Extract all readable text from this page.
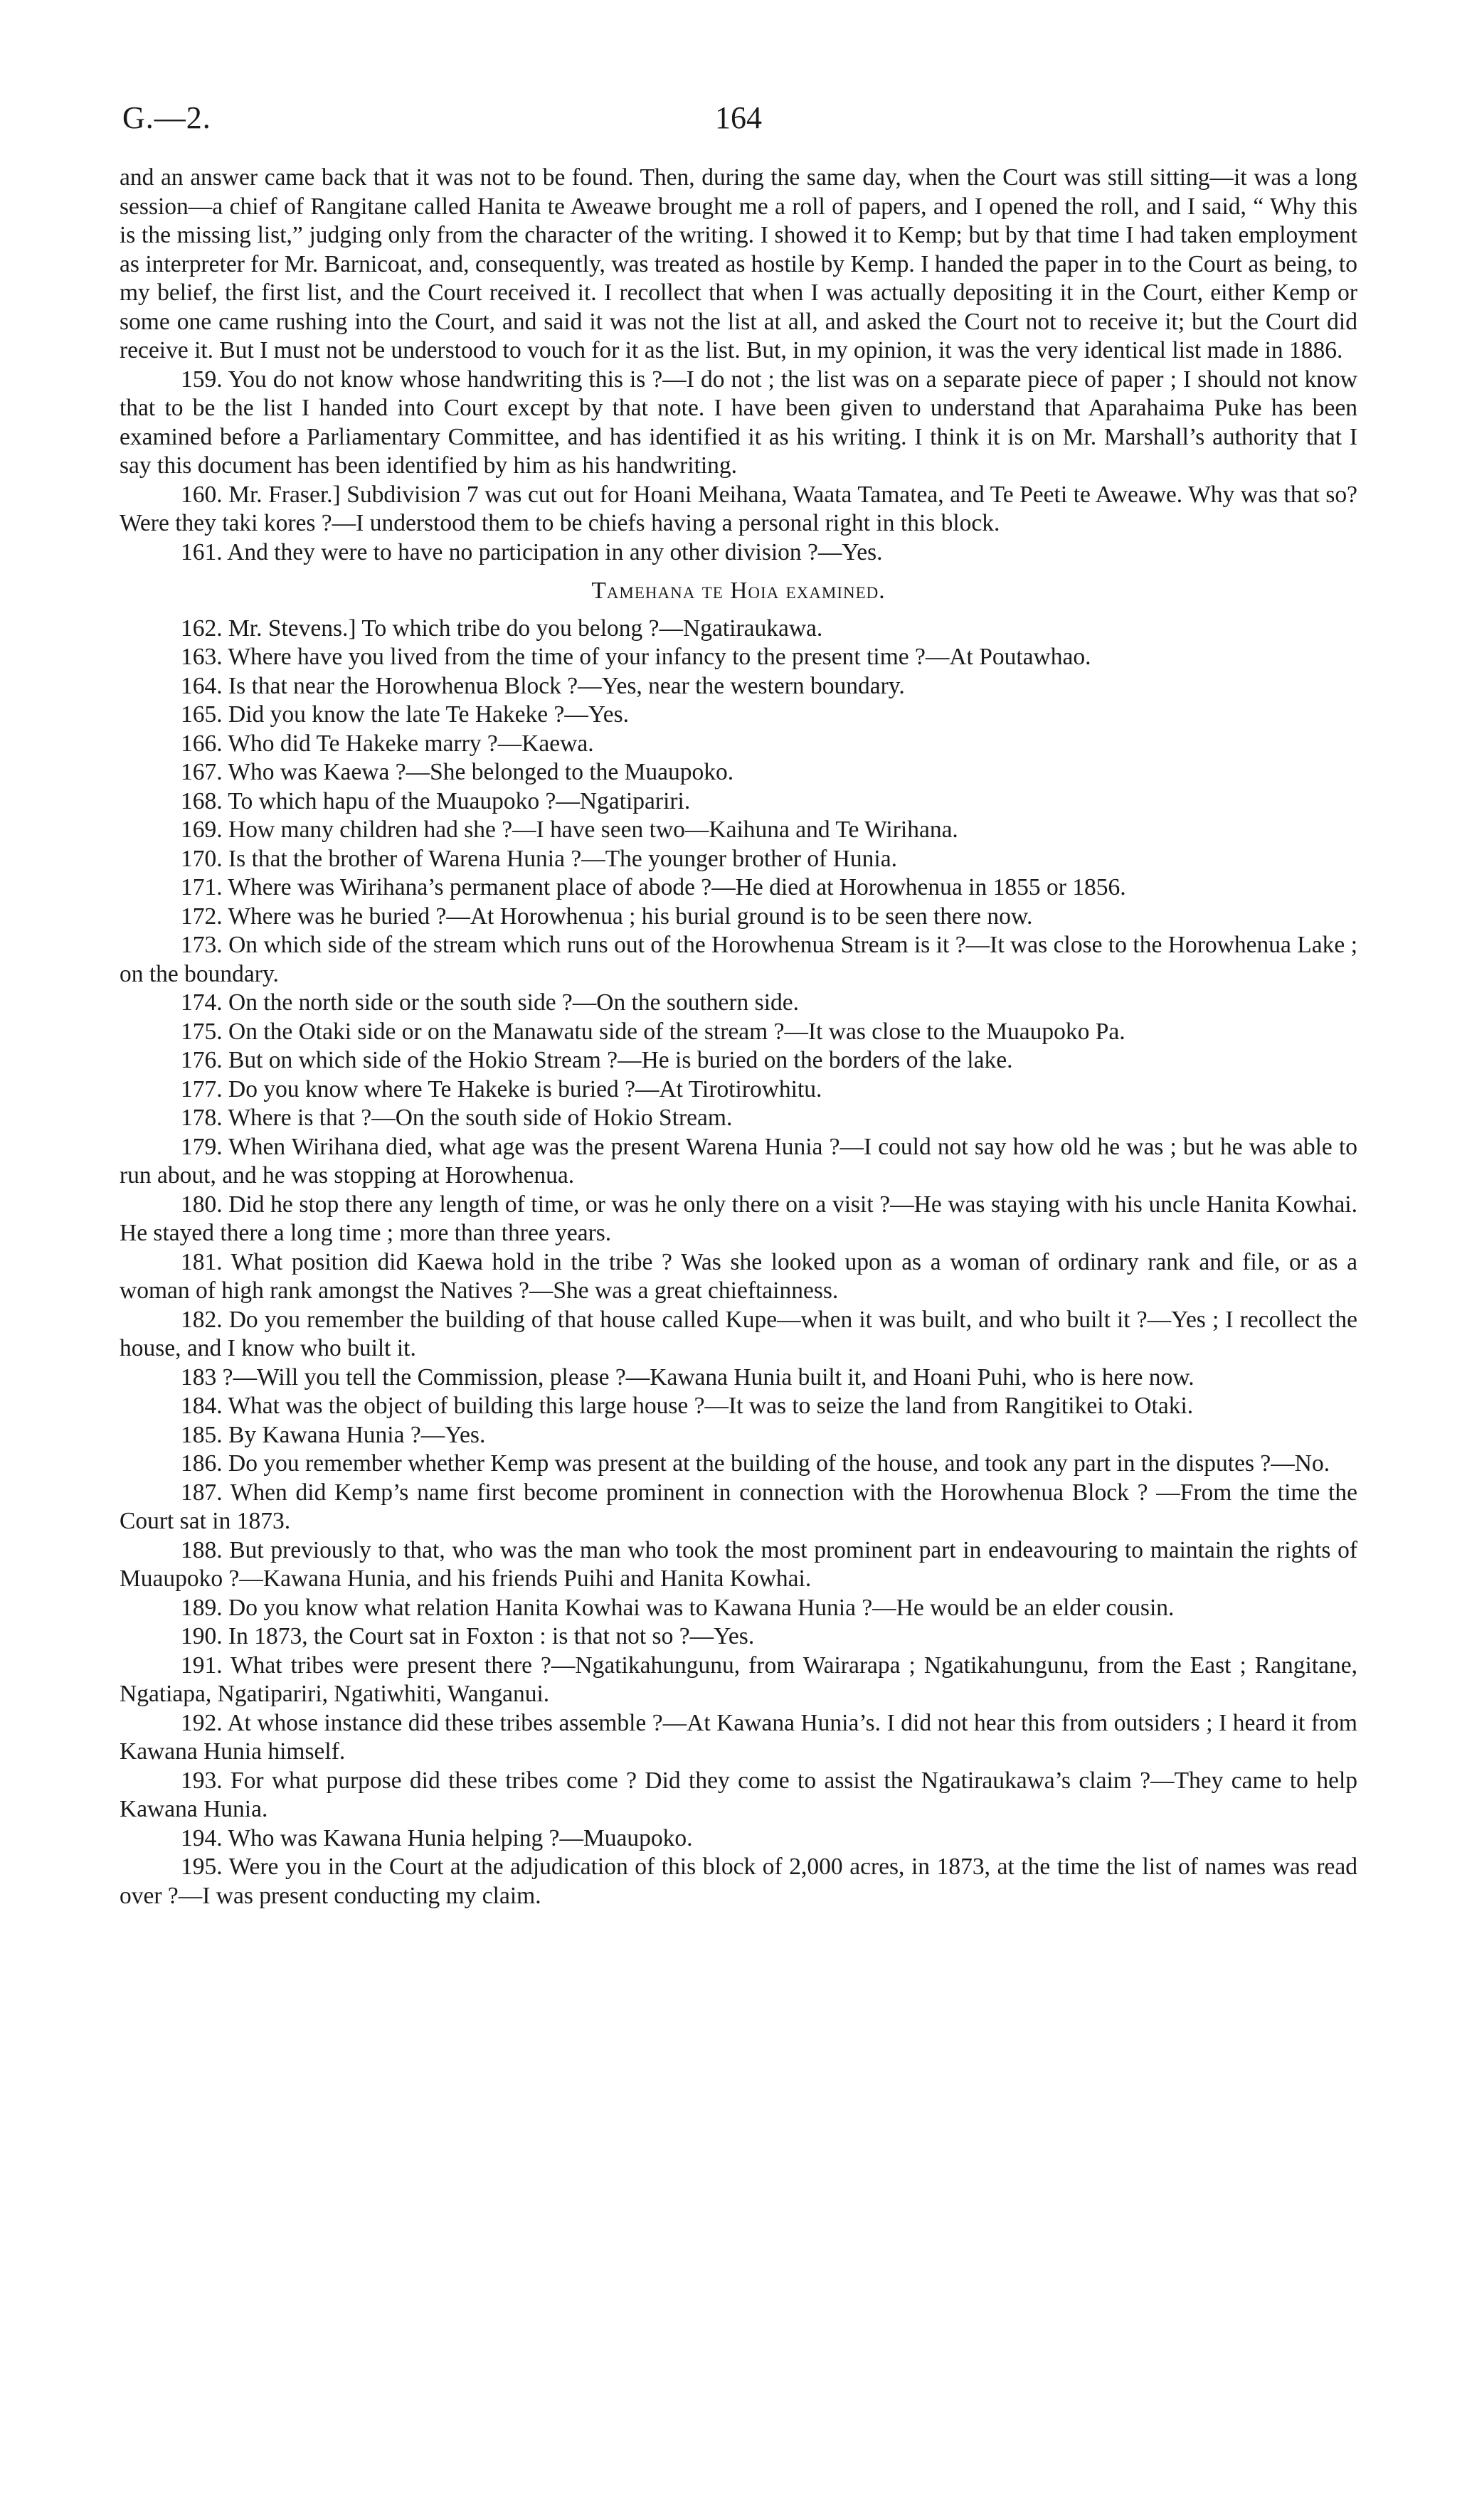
G.—2.	164

and an answer came back that it was not to be found. Then, during the same day, when the Court was still sitting—it was a long session—a chief of Rangitane called Hanita te Aweawe brought me a roll of papers, and I opened the roll, and I said, “ Why this is the missing list,” judging only from the character of the writing. I showed it to Kemp; but by that time I had taken employment as interpreter for Mr. Barnicoat, and, consequently, was treated as hostile by Kemp. I handed the paper in to the Court as being, to my belief, the first list, and the Court received it. I recollect that when I was actually depositing it in the Court, either Kemp or some one came rushing into the Court, and said it was not the list at all, and asked the Court not to receive it; but the Court did receive it. But I must not be understood to vouch for it as the list. But, in my opinion, it was the very identical list made in 1886.

159. You do not know whose handwriting this is ?—I do not ; the list was on a separate piece of paper ; I should not know that to be the list I handed into Court except by that note. I have been given to understand that Aparahaima Puke has been examined before a Parliamentary Committee, and has identified it as his writing. I think it is on Mr. Marshall’s authority that I say this document has been identified by him as his handwriting.

160. Mr. Fraser.] Subdivision 7 was cut out for Hoani Meihana, Waata Tamatea, and Te Peeti te Aweawe. Why was that so? Were they taki kores ?—I understood them to be chiefs having a personal right in this block.

161. And they were to have no participation in any other division ?—Yes.

Tamehana te Hoia examined.

162. Mr. Stevens.] To which tribe do you belong ?—Ngatiraukawa.

163. Where have you lived from the time of your infancy to the present time ?—At Poutawhao.

164. Is that near the Horowhenua Block ?—Yes, near the western boundary.

165. Did you know the late Te Hakeke ?—Yes.

166. Who did Te Hakeke marry ?—Kaewa.

167. Who was Kaewa ?—She belonged to the Muaupoko.

168. To which hapu of the Muaupoko ?—Ngatipariri.

169. How many children had she ?—I have seen two—Kaihuna and Te Wirihana.

170. Is that the brother of Warena Hunia ?—The younger brother of Hunia.

171. Where was Wirihana’s permanent place of abode ?—He died at Horowhenua in 1855 or 1856.

172. Where was he buried ?—At Horowhenua ; his burial ground is to be seen there now.

173. On which side of the stream which runs out of the Horowhenua Stream is it ?—It was close to the Horowhenua Lake ; on the boundary.

174. On the north side or the south side ?—On the southern side.

175. On the Otaki side or on the Manawatu side of the stream ?—It was close to the Muaupoko Pa.

176. But on which side of the Hokio Stream ?—He is buried on the borders of the lake.

177. Do you know where Te Hakeke is buried ?—At Tirotirowhitu.

178. Where is that ?—On the south side of Hokio Stream.

179. When Wirihana died, what age was the present Warena Hunia ?—I could not say how old he was ; but he was able to run about, and he was stopping at Horowhenua.

180. Did he stop there any length of time, or was he only there on a visit ?—He was staying with his uncle Hanita Kowhai. He stayed there a long time ; more than three years.

181. What position did Kaewa hold in the tribe ? Was she looked upon as a woman of ordinary rank and file, or as a woman of high rank amongst the Natives ?—She was a great chieftainness.

182. Do you remember the building of that house called Kupe—when it was built, and who built it ?—Yes ; I recollect the house, and I know who built it.

183 ?—Will you tell the Commission, please ?—Kawana Hunia built it, and Hoani Puhi, who is here now.

184. What was the object of building this large house ?—It was to seize the land from Rangitikei to Otaki.

185. By Kawana Hunia ?—Yes.

186. Do you remember whether Kemp was present at the building of the house, and took any part in the disputes ?—No.

187. When did Kemp’s name first become prominent in connection with the Horowhenua Block ? —From the time the Court sat in 1873.

188. But previously to that, who was the man who took the most prominent part in endeavouring to maintain the rights of Muaupoko ?—Kawana Hunia, and his friends Puihi and Hanita Kowhai.

189. Do you know what relation Hanita Kowhai was to Kawana Hunia ?—He would be an elder cousin.

190. In 1873, the Court sat in Foxton : is that not so ?—Yes.

191. What tribes were present there ?—Ngatikahungunu, from Wairarapa ; Ngatikahungunu, from the East ; Rangitane, Ngatiapa, Ngatipariri, Ngatiwhiti, Wanganui.

192. At whose instance did these tribes assemble ?—At Kawana Hunia’s. I did not hear this from outsiders ; I heard it from Kawana Hunia himself.

193. For what purpose did these tribes come ? Did they come to assist the Ngatiraukawa’s claim ?—They came to help Kawana Hunia.

194. Who was Kawana Hunia helping ?—Muaupoko.

195. Were you in the Court at the adjudication of this block of 2,000 acres, in 1873, at the time the list of names was read over ?—I was present conducting my claim.
